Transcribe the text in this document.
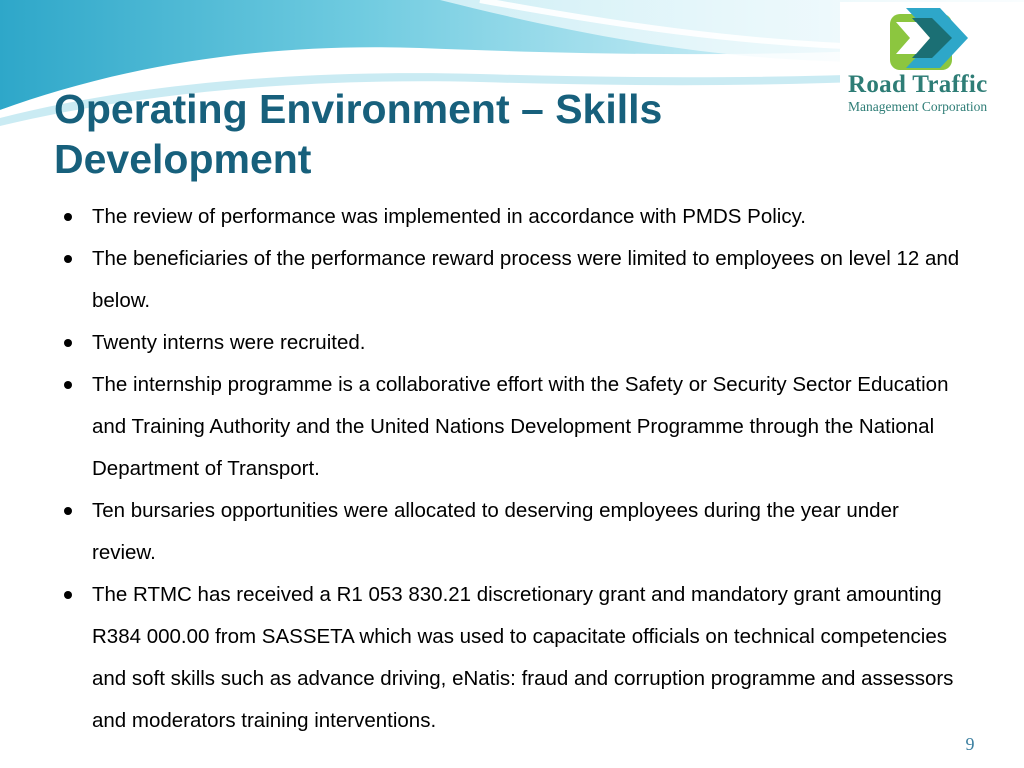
Road Traffic
Management Corporation
Operating Environment – Skills Development
The review of performance was implemented in accordance with PMDS Policy.
The beneficiaries of the performance reward process were limited to employees on level 12 and below.
Twenty interns were recruited.
The internship programme is a collaborative effort with the Safety or Security Sector Education and Training Authority and the United Nations Development Programme through the National Department of Transport.
Ten bursaries opportunities were allocated to deserving employees during the year under review.
The RTMC has received a R1 053 830.21 discretionary grant and mandatory grant amounting R384 000.00 from SASSETA which was used to capacitate officials on technical competencies and soft skills such as advance driving, eNatis: fraud and corruption programme and assessors and moderators training interventions.
9
